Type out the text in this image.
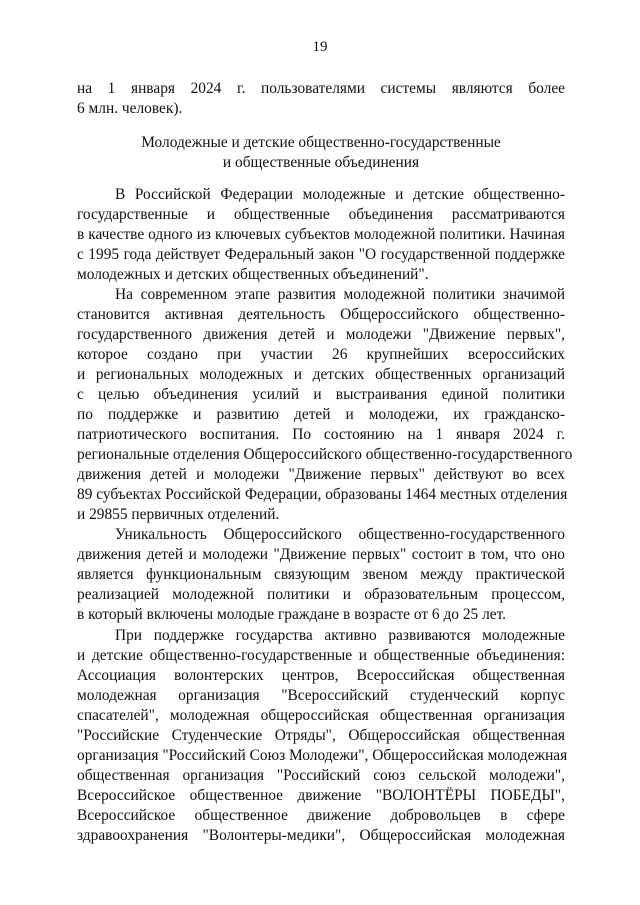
19
на 1 января 2024 г. пользователями системы являются более
6 млн. человек).
Молодежные и детские общественно-государственные
и общественные объединения
В Российской Федерации молодежные и детские общественно-
государственные и общественные объединения рассматриваются
в качестве одного из ключевых субъектов молодежной политики. Начиная
с 1995 года действует Федеральный закон "О государственной поддержке
молодежных и детских общественных объединений".
На современном этапе развития молодежной политики значимой
становится активная деятельность Общероссийского общественно-
государственного движения детей и молодежи "Движение первых",
которое создано при участии 26 крупнейших всероссийских
и региональных молодежных и детских общественных организаций
с целью объединения усилий и выстраивания единой политики
по поддержке и развитию детей и молодежи, их гражданско-
патриотического воспитания. По состоянию на 1 января 2024 г.
региональные отделения Общероссийского общественно-государственного
движения детей и молодежи "Движение первых" действуют во всех
89 субъектах Российской Федерации, образованы 1464 местных отделения
и 29855 первичных отделений.
Уникальность Общероссийского общественно-государственного
движения детей и молодежи "Движение первых" состоит в том, что оно
является функциональным связующим звеном между практической
реализацией молодежной политики и образовательным процессом,
в который включены молодые граждане в возрасте от 6 до 25 лет.
При поддержке государства активно развиваются молодежные
и детские общественно-государственные и общественные объединения:
Ассоциация волонтерских центров, Всероссийская общественная
молодежная организация "Всероссийский студенческий корпус
спасателей", молодежная общероссийская общественная организация
"Российские Студенческие Отряды", Общероссийская общественная
организация "Российский Союз Молодежи", Общероссийская молодежная
общественная организация "Российский союз сельской молодежи",
Всероссийское общественное движение "ВОЛОНТЁРЫ ПОБЕДЫ",
Всероссийское общественное движение добровольцев в сфере
здравоохранения "Волонтеры-медики", Общероссийская молодежная
